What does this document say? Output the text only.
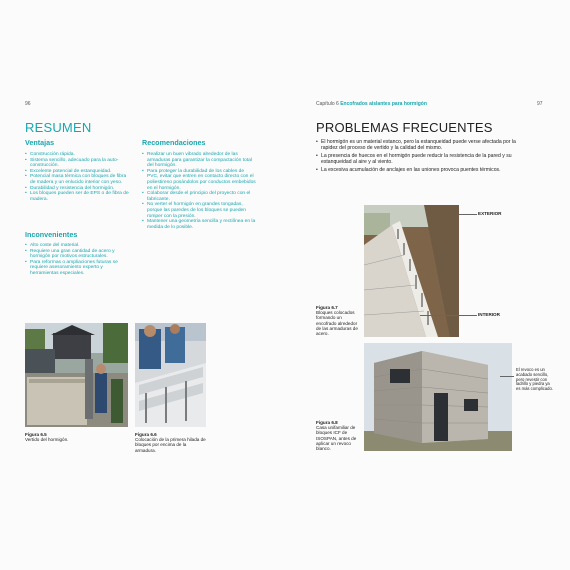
96
RESUMEN
Ventajas
• Construcción rápida.
• Sistema sencillo, adecuado para la auto-construcción.
• Excelente potencial de estanqueidad.
• Potencial masa térmica con bloques de fibra de madera y un enlucido interior con yeso.
• Durabilidad y resistencia del hormigón.
• Los bloques pueden ser de EPS o de fibra de madera.
Inconvenientes
• Alto coste del material.
• Requiere una gran cantidad de acero y hormigón por motivos estructurales.
• Para reformas o ampliaciones futuras se requiere asesoramiento experto y herramientas especiales.
Recomendaciones
• Realizar un buen vibrado alrededor de las armaduras para garantizar la compactación total del hormigón.
• Para proteger la durabilidad de los cables de PVC, evitar que entren en contacto directo con el poliestireno posándolos por conductos embebidos en el hormigón.
• Colaborar desde el principio del proyecto con el fabricante.
• No verter el hormigón en grandes tongadas, porque las paredes de los bloques se pueden romper con la presión.
• Mantener una geometría sencilla y rectilínea en la medida de lo posible.
Figura 6.5
Vertido del hormigón.
Figura 6.6
Colocación de la primera hilada de bloques por encima de la armadura.
Capítulo 6 Encofrados aislantes para hormigón	97
PROBLEMAS FRECUENTES
• El hormigón es un material estanco, pero la estanqueidad puede verse afectada por la rapidez del proceso de vertido y la calidad del mismo.
• La presencia de huecos en el hormigón puede reducir la resistencia de la pared y su estanqueidad al aire y al viento.
• La excesiva acumulación de anclajes en las uniones provoca puentes térmicos.
EXTERIOR
INTERIOR
Figura 6.7
Bloques colocados formando un encofrado alrededor de las armaduras de acero.
El revoco es un acabado sencillo, pero revestir con ladrillo y piedra ya es más complicado.
Figura 6.8
Casa unifamiliar de bloques ICF de ISOSPAN, antes de aplicar un revoco blanco.
